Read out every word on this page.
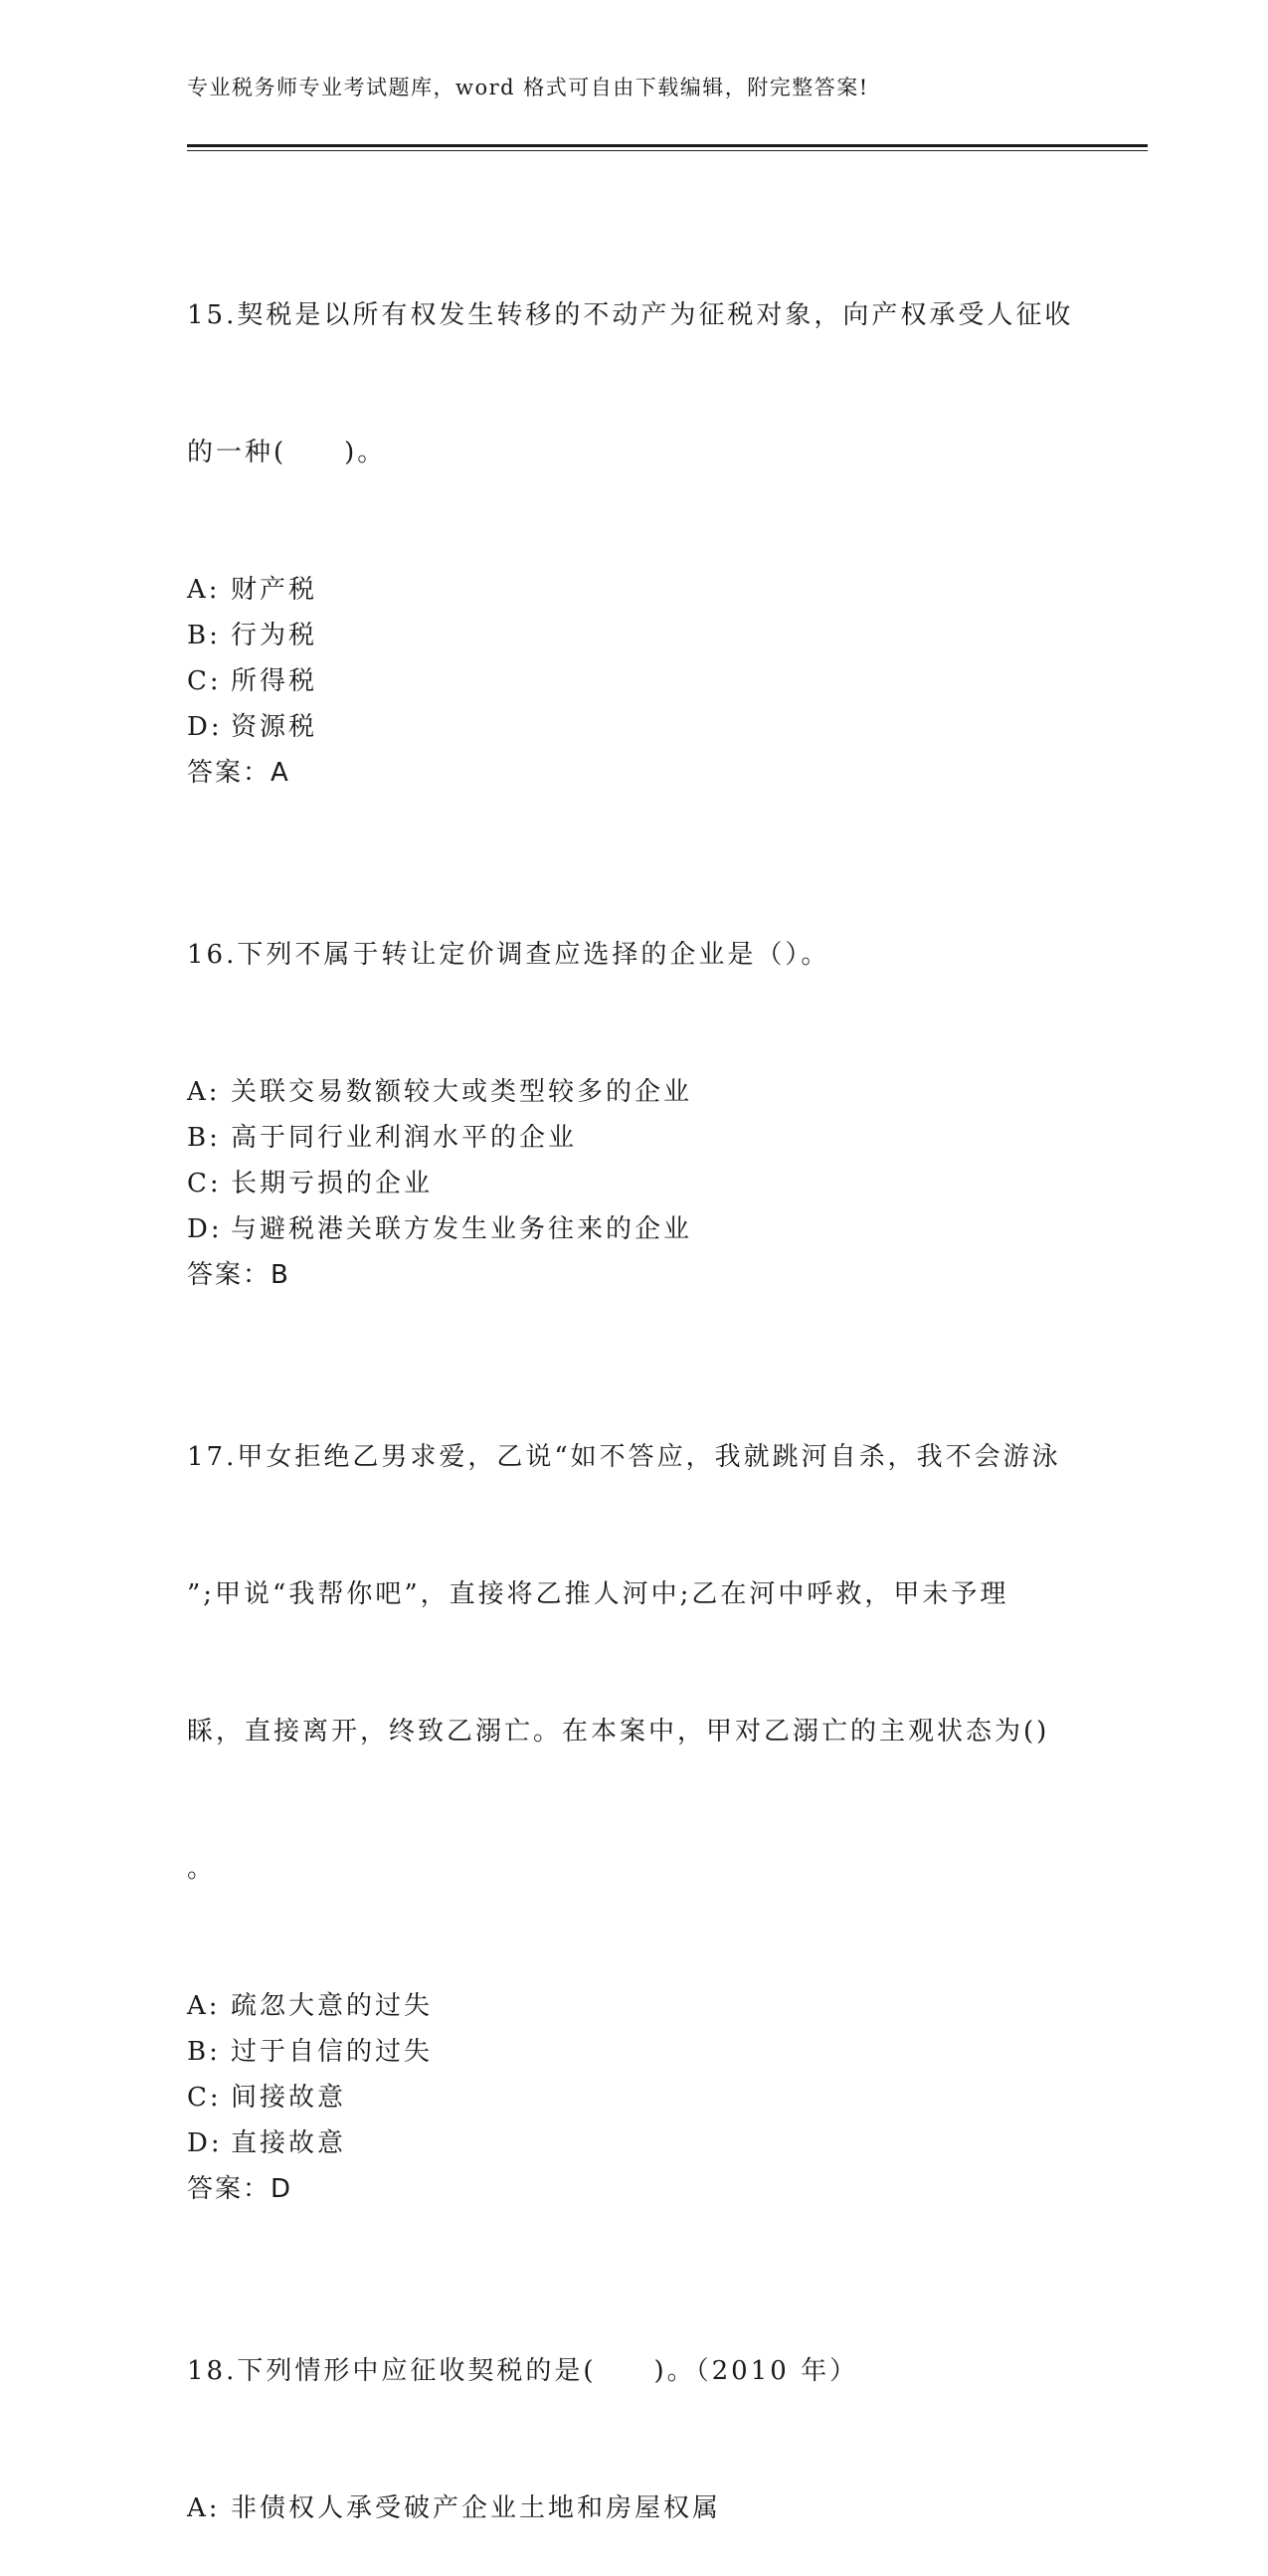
专业税务师专业考试题库，word 格式可自由下载编辑，附完整答案!

15.契税是以所有权发生转移的不动产为征税对象，向产权承受人征收

的一种(　　)。

A: 财产税
B: 行为税
C: 所得税
D: 资源税
答案：A

16.下列不属于转让定价调查应选择的企业是（）。

A: 关联交易数额较大或类型较多的企业
B: 高于同行业利润水平的企业
C: 长期亏损的企业
D: 与避税港关联方发生业务往来的企业
答案：B

17.甲女拒绝乙男求爱，乙说“如不答应，我就跳河自杀，我不会游泳

”;甲说“我帮你吧”，直接将乙推人河中;乙在河中呼救，甲未予理

睬，直接离开，终致乙溺亡。在本案中，甲对乙溺亡的主观状态为()

。

A: 疏忽大意的过失
B: 过于自信的过失
C: 间接故意
D: 直接故意
答案：D

18.下列情形中应征收契税的是(　　)。（2010 年）

A: 非债权人承受破产企业土地和房屋权属
